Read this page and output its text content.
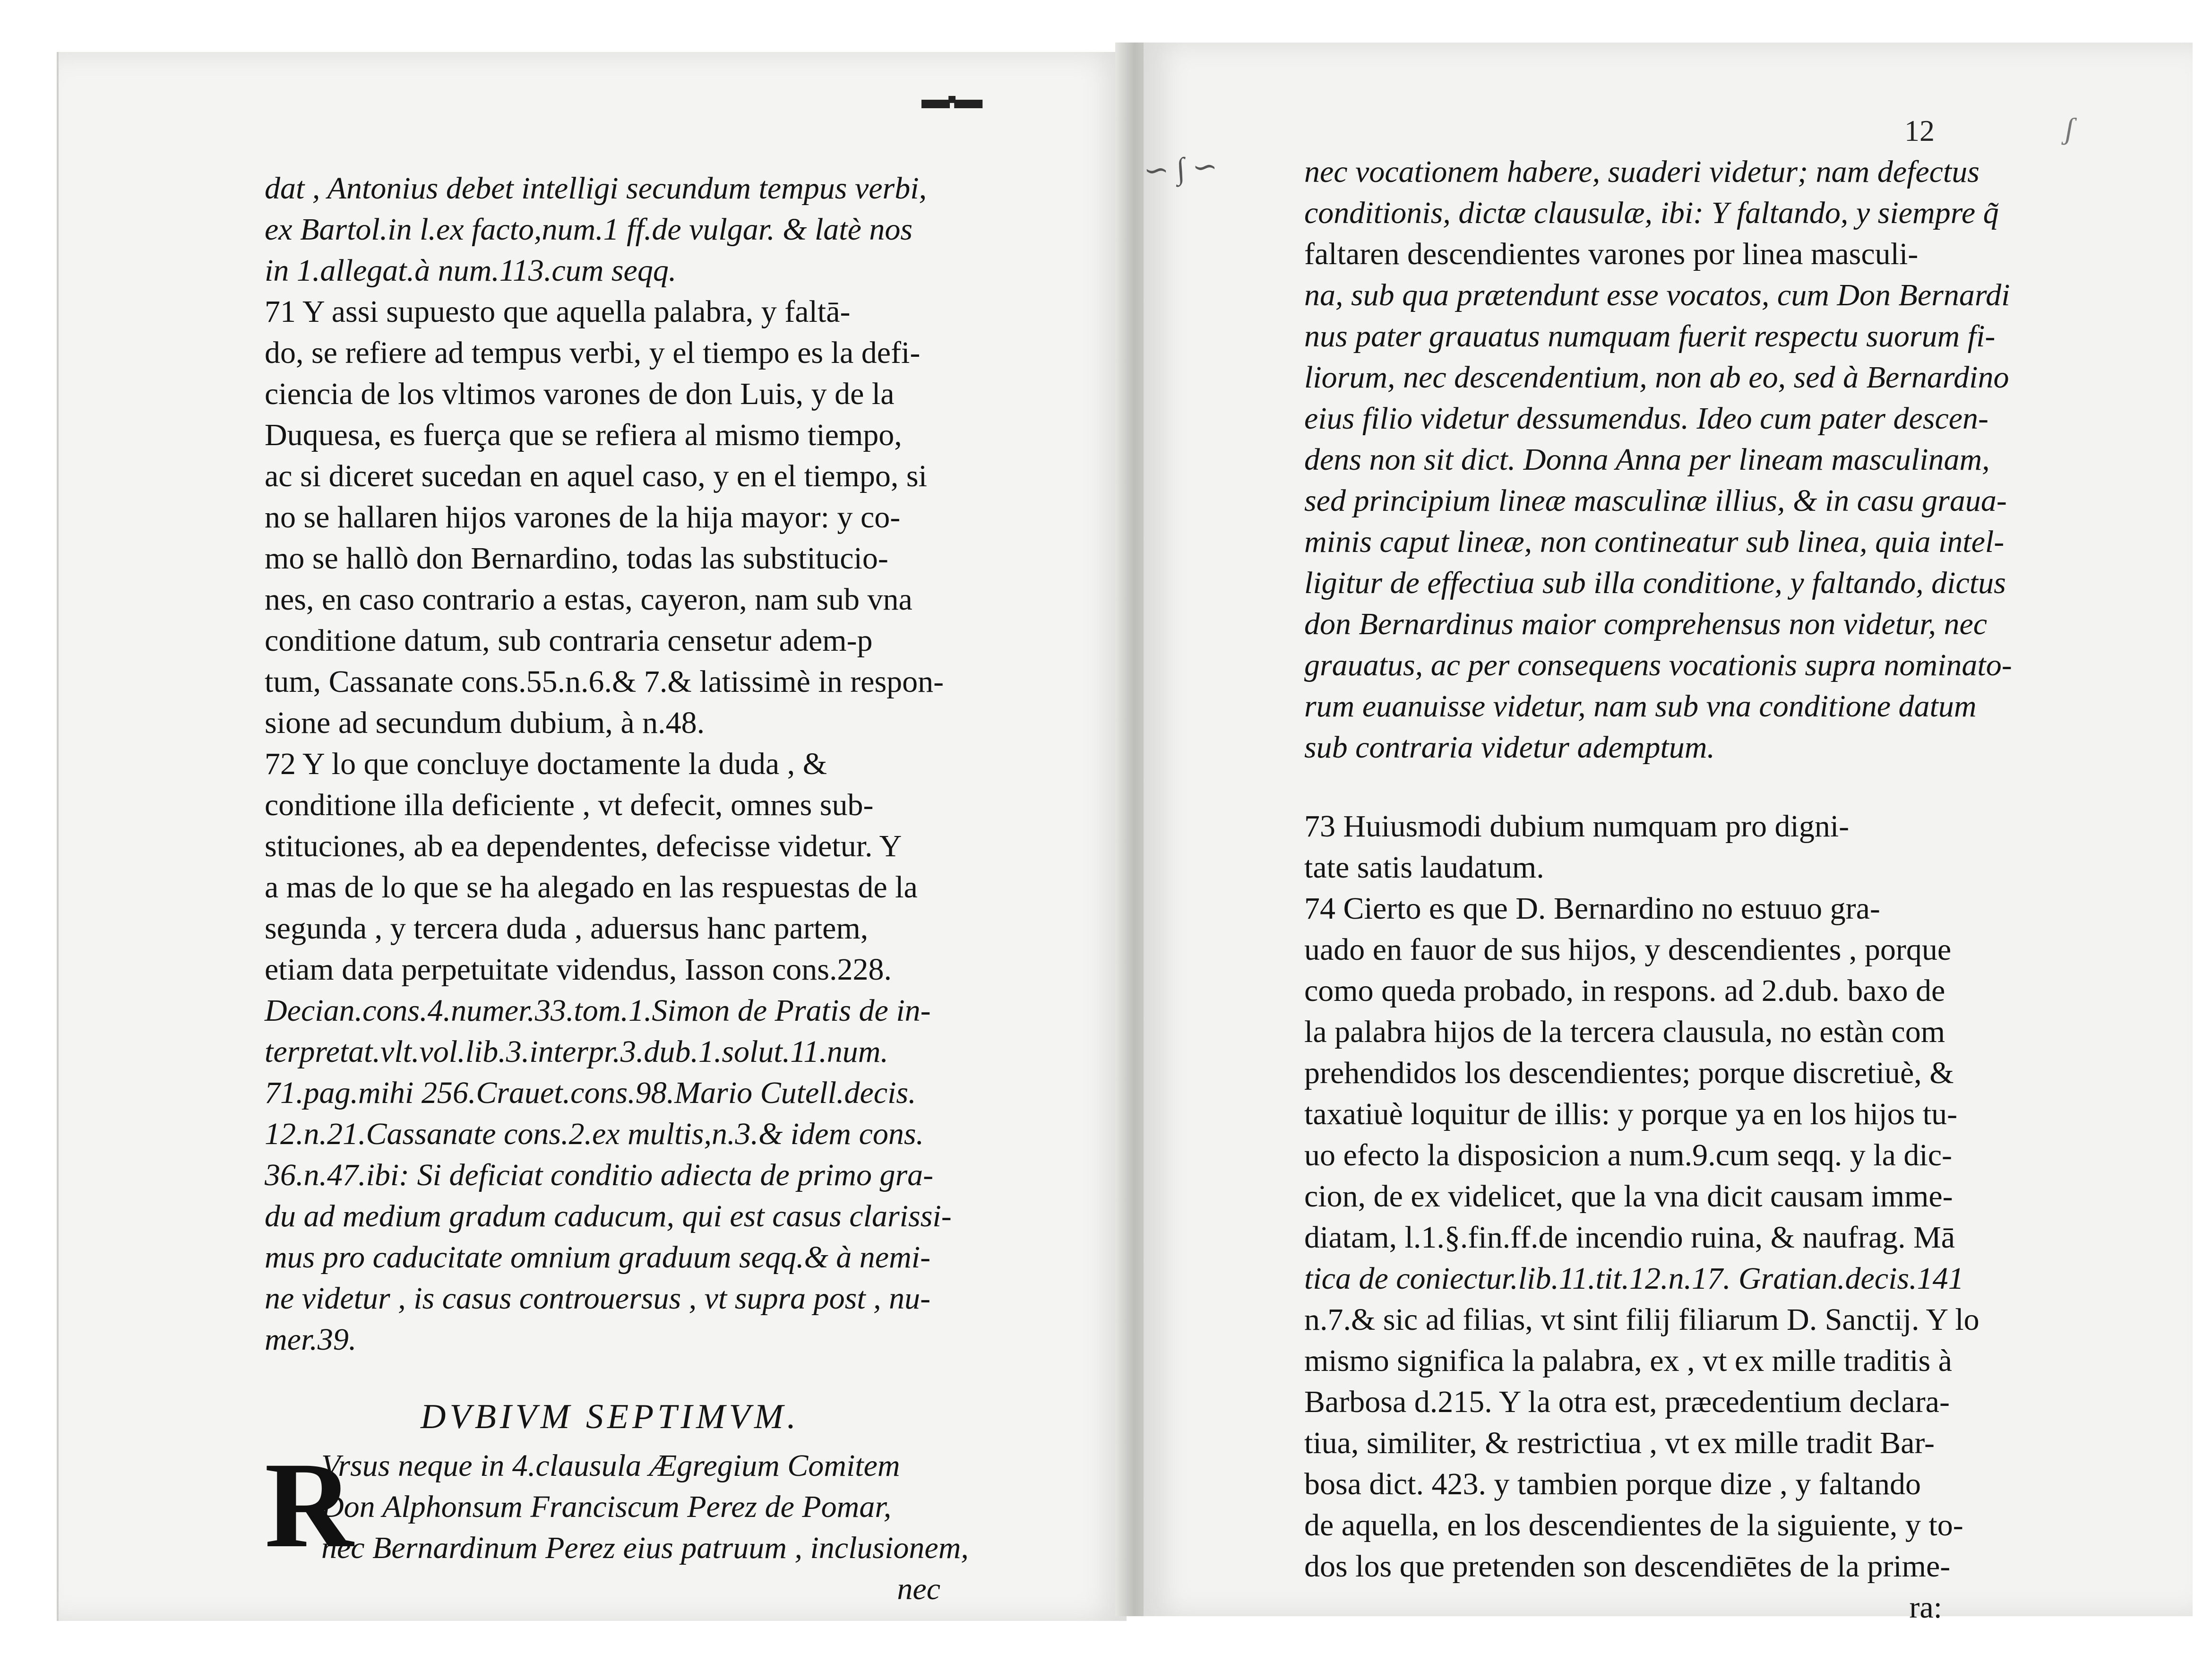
▬▪▬
∽ ∫ ∽
ʃ
12
dat , Antonius debet intelligi secundum tempus verbi,
ex Bartol.in l.ex facto,num.1 ff.de vulgar. & latè nos
in 1.allegat.à num.113.cum seqq.
71 Y assi supuesto que aquella palabra, y faltā-
do, se refiere ad tempus verbi, y el tiempo es la defi-
ciencia de los vltimos varones de don Luis, y de la
Duquesa, es fuerça que se refiera al mismo tiempo,
ac si diceret sucedan en aquel caso, y en el tiempo, si
no se hallaren hijos varones de la hija mayor: y co-
mo se hallò don Bernardino, todas las substitucio-
nes, en caso contrario a estas, cayeron, nam sub vna
conditione datum, sub contraria censetur adem-p
tum, Cassanate cons.55.n.6.& 7.& latissimè in respon-
sione ad secundum dubium, à n.48.
72 Y lo que concluye doctamente la duda , &
conditione illa deficiente , vt defecit, omnes sub-
stituciones, ab ea dependentes, defecisse videtur. Y
a mas de lo que se ha alegado en las respuestas de la
segunda , y tercera duda , aduersus hanc partem,
etiam data perpetuitate videndus, Iasson cons.228.
Decian.cons.4.numer.33.tom.1.Simon de Pratis de in-
terpretat.vlt.vol.lib.3.interpr.3.dub.1.solut.11.num.
71.pag.mihi 256.Crauet.cons.98.Mario Cutell.decis.
12.n.21.Cassanate cons.2.ex multis,n.3.& idem cons.
36.n.47.ibi: Si deficiat conditio adiecta de primo gra-
du ad medium gradum caducum, qui est casus clarissi-
mus pro caducitate omnium graduum seqq.& à nemi-
ne videtur , is casus controuersus , vt supra post , nu-
mer.39.
DVBIVM SEPTIMVM.
R
Vrsus neque in 4.clausula Ægregium Comitem
Don Alphonsum Franciscum Perez de Pomar,
nec Bernardinum Perez eius patruum , inclusionem,
nec
nec vocationem habere, suaderi videtur; nam defectus
conditionis, dictæ clausulæ, ibi: Y faltando, y siempre q̃
faltaren descendientes varones por linea masculi-
na, sub qua prætendunt esse vocatos, cum Don Bernardi
nus pater grauatus numquam fuerit respectu suorum fi-
liorum, nec descendentium, non ab eo, sed à Bernardino
eius filio videtur dessumendus. Ideo cum pater descen-
dens non sit dict. Donna Anna per lineam masculinam,
sed principium lineæ masculinæ illius, & in casu graua-
minis caput lineæ, non contineatur sub linea, quia intel-
ligitur de effectiua sub illa conditione, y faltando, dictus
don Bernardinus maior comprehensus non videtur, nec
grauatus, ac per consequens vocationis supra nominato-
rum euanuisse videtur, nam sub vna conditione datum
sub contraria videtur ademptum.
73 Huiusmodi dubium numquam pro digni-
tate satis laudatum.
74 Cierto es que D. Bernardino no estuuo gra-
uado en fauor de sus hijos, y descendientes , porque
como queda probado, in respons. ad 2.dub. baxo de
la palabra hijos de la tercera clausula, no estàn com
prehendidos los descendientes; porque discretiuè, &
taxatiuè loquitur de illis: y porque ya en los hijos tu-
uo efecto la disposicion a num.9.cum seqq. y la dic-
cion, de ex videlicet, que la vna dicit causam imme-
diatam, l.1.§.fin.ff.de incendio ruina, & naufrag. Mā
tica de coniectur.lib.11.tit.12.n.17. Gratian.decis.141
n.7.& sic ad filias, vt sint filij filiarum D. Sanctij. Y lo
mismo significa la palabra, ex , vt ex mille traditis à
Barbosa d.215. Y la otra est, præcedentium declara-
tiua, similiter, & restrictiua , vt ex mille tradit Bar-
bosa dict. 423. y tambien porque dize , y faltando
de aquella, en los descendientes de la siguiente, y to-
dos los que pretenden son descendiētes de la prime-
ra:
